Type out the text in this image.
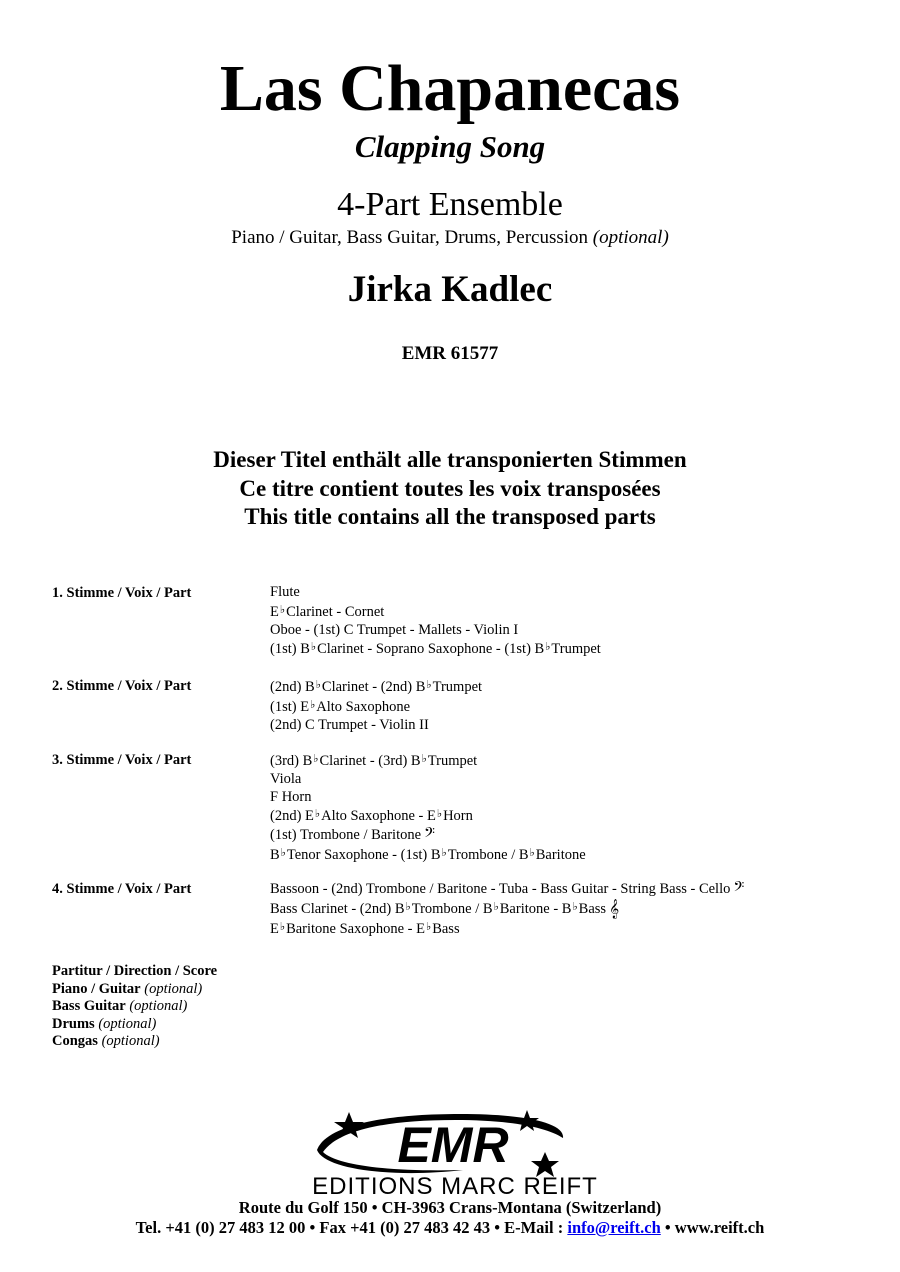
Las Chapanecas
Clapping Song
4-Part Ensemble
Piano / Guitar, Bass Guitar, Drums, Percussion (optional)
Jirka Kadlec
EMR 61577
Dieser Titel enthält alle transponierten Stimmen
Ce titre contient toutes les voix transposées
This title contains all the transposed parts
1. Stimme / Voix / Part	Flute
E♭Clarinet - Cornet
Oboe - (1st) C Trumpet - Mallets - Violin I
(1st) B♭Clarinet - Soprano Saxophone - (1st) B♭Trumpet
2. Stimme / Voix / Part	(2nd) B♭Clarinet - (2nd) B♭Trumpet
(1st) E♭Alto Saxophone
(2nd) C Trumpet - Violin II
3. Stimme / Voix / Part	(3rd) B♭Clarinet - (3rd) B♭Trumpet
Viola
F Horn
(2nd) E♭Alto Saxophone - E♭Horn
(1st) Trombone / Baritone 𝄢
B♭Tenor Saxophone - (1st) B♭Trombone / B♭Baritone
4. Stimme / Voix / Part	Bassoon - (2nd) Trombone / Baritone - Tuba - Bass Guitar - String Bass - Cello 𝄢
Bass Clarinet - (2nd) B♭Trombone / B♭Baritone - B♭Bass 𝄞
E♭Baritone Saxophone - E♭Bass
Partitur / Direction / Score
Piano / Guitar (optional)
Bass Guitar (optional)
Drums (optional)
Congas (optional)
EMR
EDITIONS MARC REIFT
Route du Golf 150 • CH-3963 Crans-Montana (Switzerland)
Tel. +41 (0) 27 483 12 00 • Fax +41 (0) 27 483 42 43 • E-Mail : info@reift.ch • www.reift.ch
